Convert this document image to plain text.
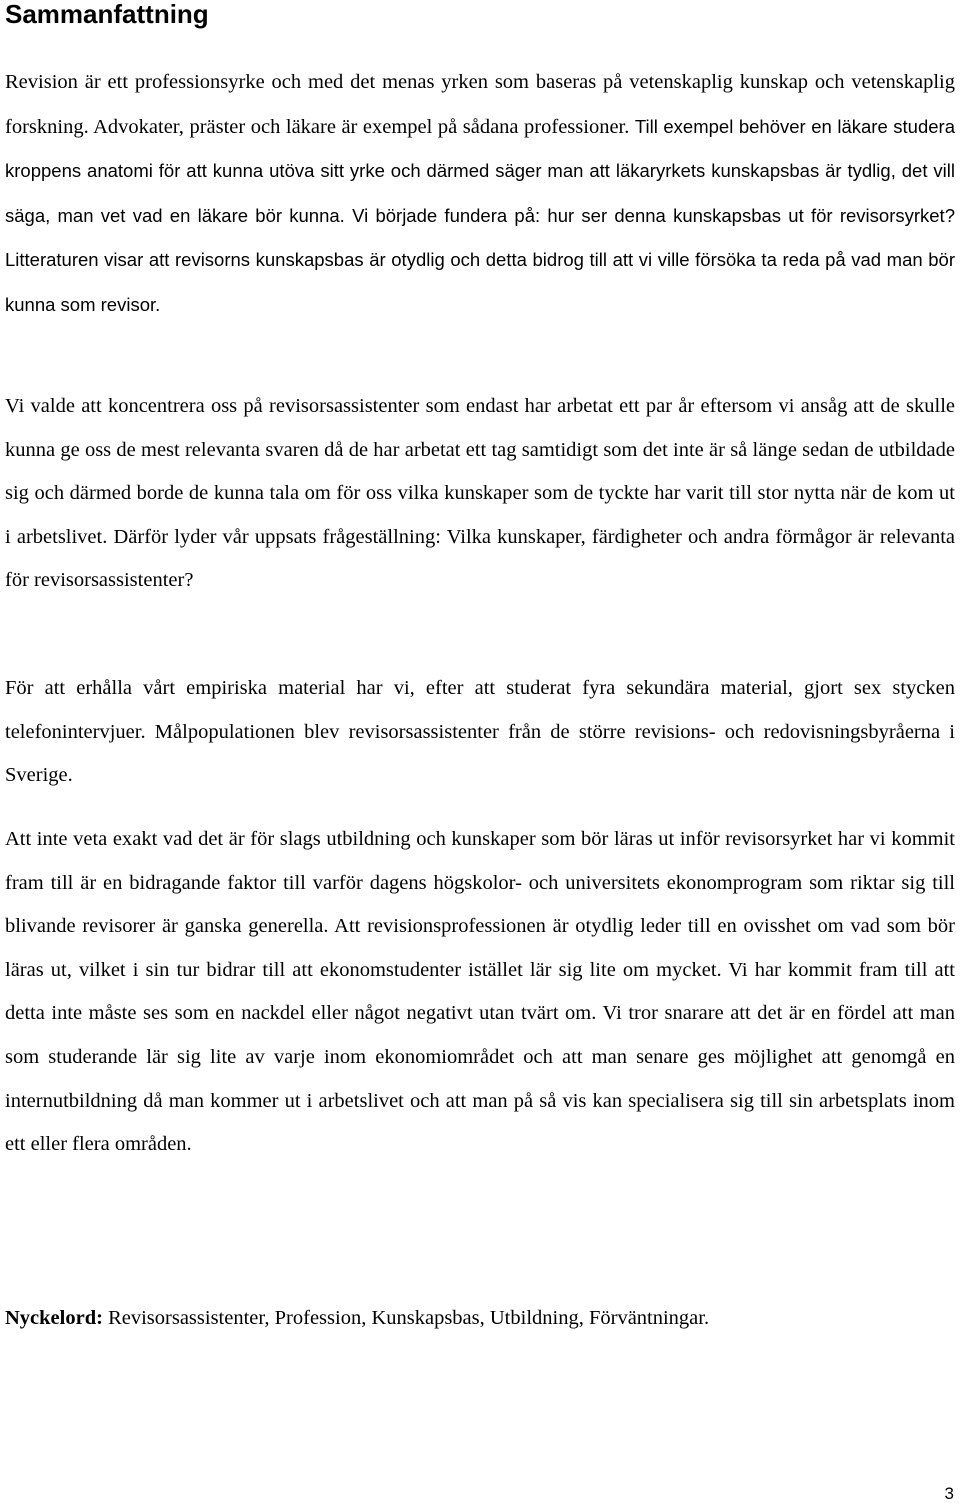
Sammanfattning

Revision är ett professionsyrke och med det menas yrken som baseras på vetenskaplig kunskap och vetenskaplig forskning. Advokater, präster och läkare är exempel på sådana professioner. Till exempel behöver en läkare studera kroppens anatomi för att kunna utöva sitt yrke och därmed säger man att läkaryrkets kunskapsbas är tydlig, det vill säga, man vet vad en läkare bör kunna. Vi började fundera på: hur ser denna kunskapsbas ut för revisorsyrket? Litteraturen visar att revisorns kunskapsbas är otydlig och detta bidrog till att vi ville försöka ta reda på vad man bör kunna som revisor.

Vi valde att koncentrera oss på revisorsassistenter som endast har arbetat ett par år eftersom vi ansåg att de skulle kunna ge oss de mest relevanta svaren då de har arbetat ett tag samtidigt som det inte är så länge sedan de utbildade sig och därmed borde de kunna tala om för oss vilka kunskaper som de tyckte har varit till stor nytta när de kom ut i arbetslivet. Därför lyder vår uppsats frågeställning: Vilka kunskaper, färdigheter och andra förmågor är relevanta för revisorsassistenter?

För att erhålla vårt empiriska material har vi, efter att studerat fyra sekundära material, gjort sex stycken telefonintervjuer. Målpopulationen blev revisorsassistenter från de större revisions- och redovisningsbyråerna i Sverige.

Att inte veta exakt vad det är för slags utbildning och kunskaper som bör läras ut inför revisorsyrket har vi kommit fram till är en bidragande faktor till varför dagens högskolor- och universitets ekonomprogram som riktar sig till blivande revisorer är ganska generella. Att revisionsprofessionen är otydlig leder till en ovisshet om vad som bör läras ut, vilket i sin tur bidrar till att ekonomstudenter istället lär sig lite om mycket. Vi har kommit fram till att detta inte måste ses som en nackdel eller något negativt utan tvärt om. Vi tror snarare att det är en fördel att man som studerande lär sig lite av varje inom ekonomiområdet och att man senare ges möjlighet att genomgå en internutbildning då man kommer ut i arbetslivet och att man på så vis kan specialisera sig till sin arbetsplats inom ett eller flera områden.

Nyckelord: Revisorsassistenter, Profession, Kunskapsbas, Utbildning, Förväntningar.

3
